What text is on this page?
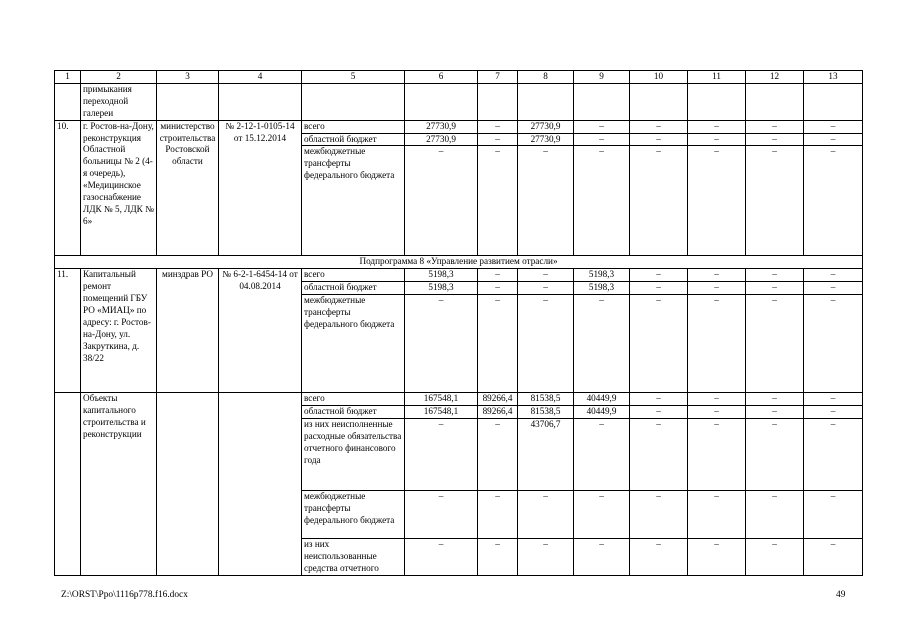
1	2	3	4	5	6	7	8	9	10	11	12	13
	примыкания переходной галереи											
10.	г. Ростов-на-Дону, реконструкция Областной больницы № 2 (4-я очередь), «Медицинское газоснабжение ЛДК № 5, ЛДК № 6»	министерство строительства Ростовской области	№ 2-12-1-0105-14 от 15.12.2014	всего	27730,9	–	27730,9	–	–	–	–	–
				областной бюджет	27730,9	–	27730,9	–	–	–	–	–
				межбюджетные трансферты федерального бюджета	–	–	–	–	–	–	–	–
Подпрограмма 8 «Управление развитием отрасли»												
11.	Капитальный ремонт помещений ГБУ РО «МИАЦ» по адресу: г. Ростов-на-Дону, ул. Закруткина, д. 38/22	минздрав РО	№ 6-2-1-6454-14 от 04.08.2014	всего	5198,3	–	–	5198,3	–	–	–	–
				областной бюджет	5198,3	–	–	5198,3	–	–	–	–
				межбюджетные трансферты федерального бюджета	–	–	–	–	–	–	–	–
	Объекты капитального строительства и реконструкции			всего	167548,1	89266,4	81538,5	40449,9	–	–	–	–
				областной бюджет	167548,1	89266,4	81538,5	40449,9	–	–	–	–
				из них неисполненные расходные обязательства отчетного финансового года	–	–	43706,7	–	–	–	–	–
				межбюджетные трансферты федерального бюджета	–	–	–	–	–	–	–	–
				из них неиспользованные средства отчетного	–	–	–	–	–	–	–	–
Z:\ORST\Ppo\1116p778.f16.docx	49
